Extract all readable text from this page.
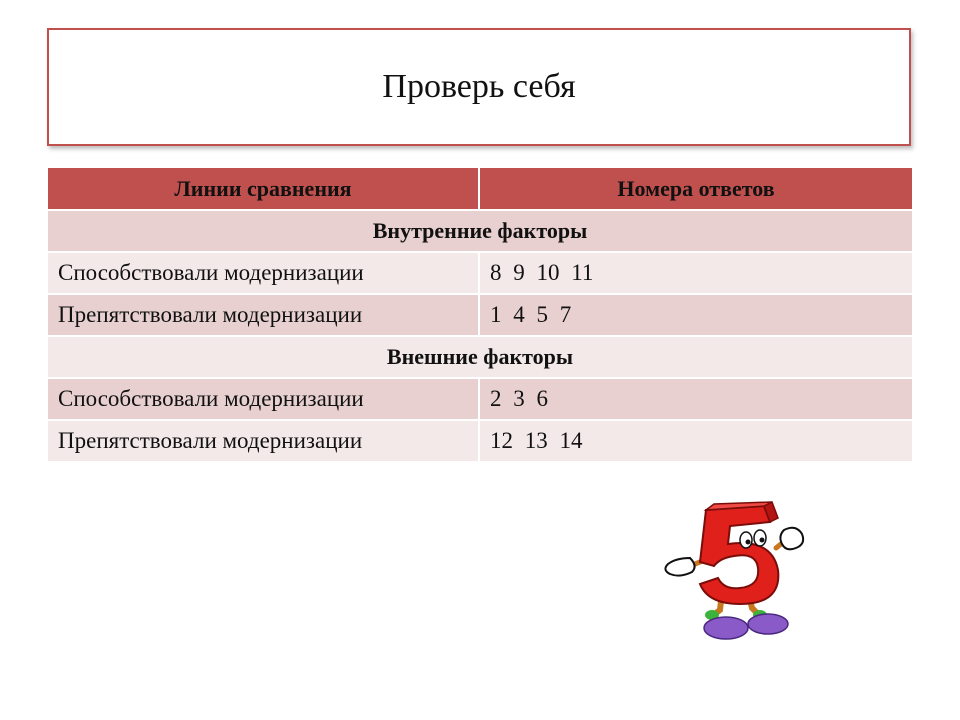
Проверь себя
Линии сравнения	Номера ответов
Внутренние факторы	
Способствовали модернизации	8 9 10 11
Препятствовали модернизации	1 4 5 7
Внешние факторы	
Способствовали модернизации	2 3 6
Препятствовали модернизации	12 13 14
